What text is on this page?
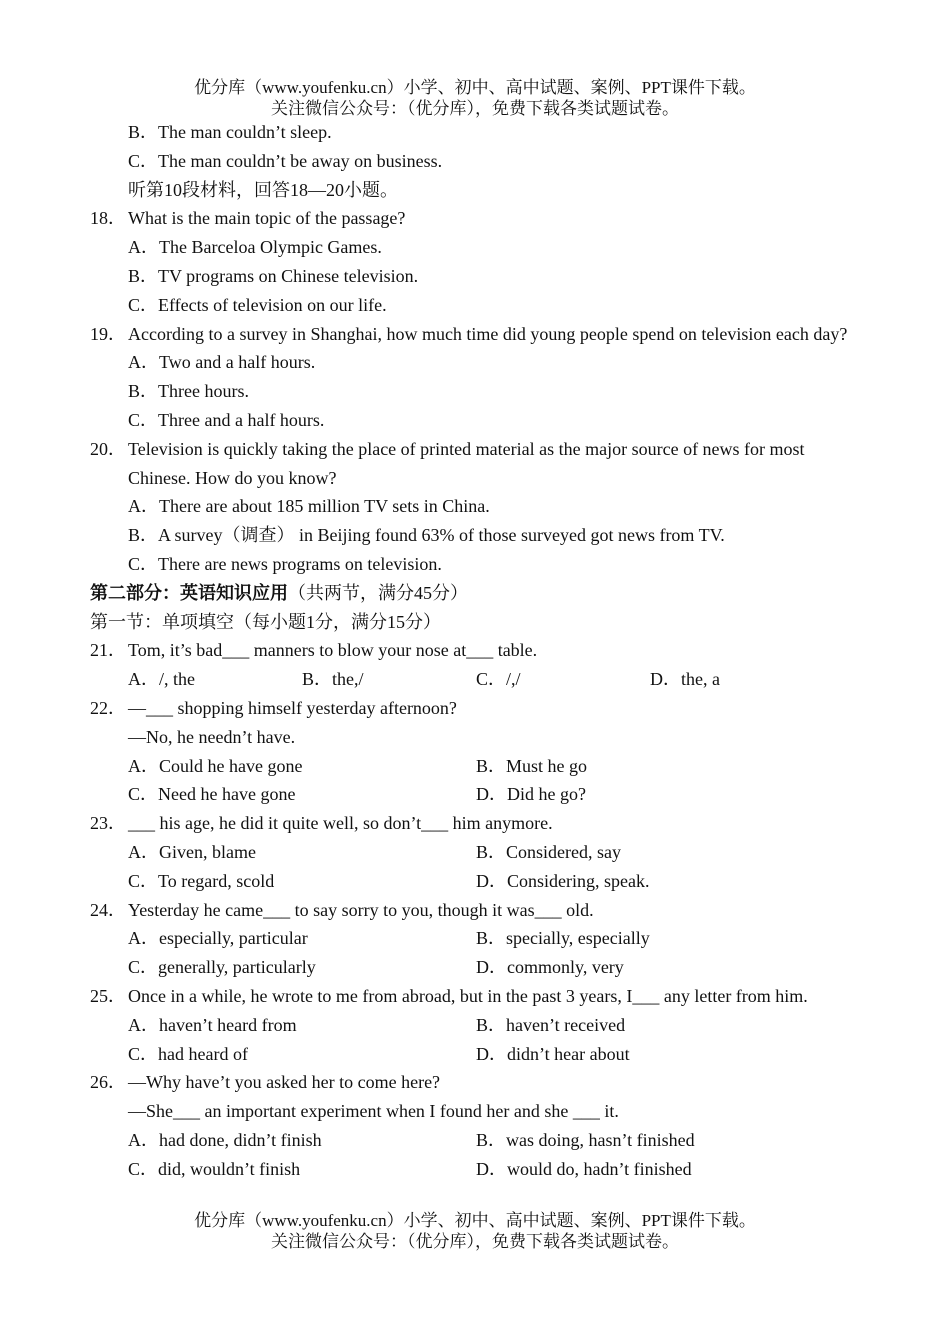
优分库（www.youfenku.cn）小学、初中、高中试题、案例、PPT课件下载。
关注微信公众号：（优分库），免费下载各类试题试卷。
B．The man couldn’t sleep.
C．The man couldn’t be away on business.
听第10段材料，回答18—20小题。
18． What is the main topic of the passage?
A．The Barceloa Olympic Games.
B．TV programs on Chinese television.
C．Effects of television on our life.
19． According to a survey in Shanghai, how much time did young people spend on television each day?
A．Two and a half hours.
B．Three hours.
C．Three and a half hours.
20． Television is quickly taking the place of printed material as the major source of news for most Chinese. How do you know?
A．There are about 185 million TV sets in China.
B．A survey（调查） in Beijing found 63% of those surveyed got news from TV.
C．There are news programs on television.
第二部分：英语知识应用（共两节，满分45分）
第一节：单项填空（每小题1分，满分15分）
21． Tom, it’s bad___ manners to blow your nose at___ table.
A．/, the	B．the,/	C．/,/	D．the, a
22． —___ shopping himself yesterday afternoon?
—No, he needn’t have.
A．Could he have gone	B．Must he go
C．Need he have gone	D．Did he go?
23． ___ his age, he did it quite well, so don’t___ him anymore.
A．Given, blame	B．Considered, say
C．To regard, scold	D．Considering, speak.
24． Yesterday he came___ to say sorry to you, though it was___ old.
A．especially, particular	B．specially, especially
C．generally, particularly	D．commonly, very
25． Once in a while, he wrote to me from abroad, but in the past 3 years, I___ any letter from him.
A．haven’t heard from	B．haven’t received
C．had heard of	D．didn’t hear about
26． —Why have’t you asked her to come here?
—She___ an important experiment when I found her and she ___ it.
A．had done, didn’t finish	B．was doing, hasn’t finished
C．did, wouldn’t finish	D．would do, hadn’t finished
优分库（www.youfenku.cn）小学、初中、高中试题、案例、PPT课件下载。
关注微信公众号：（优分库），免费下载各类试题试卷。
